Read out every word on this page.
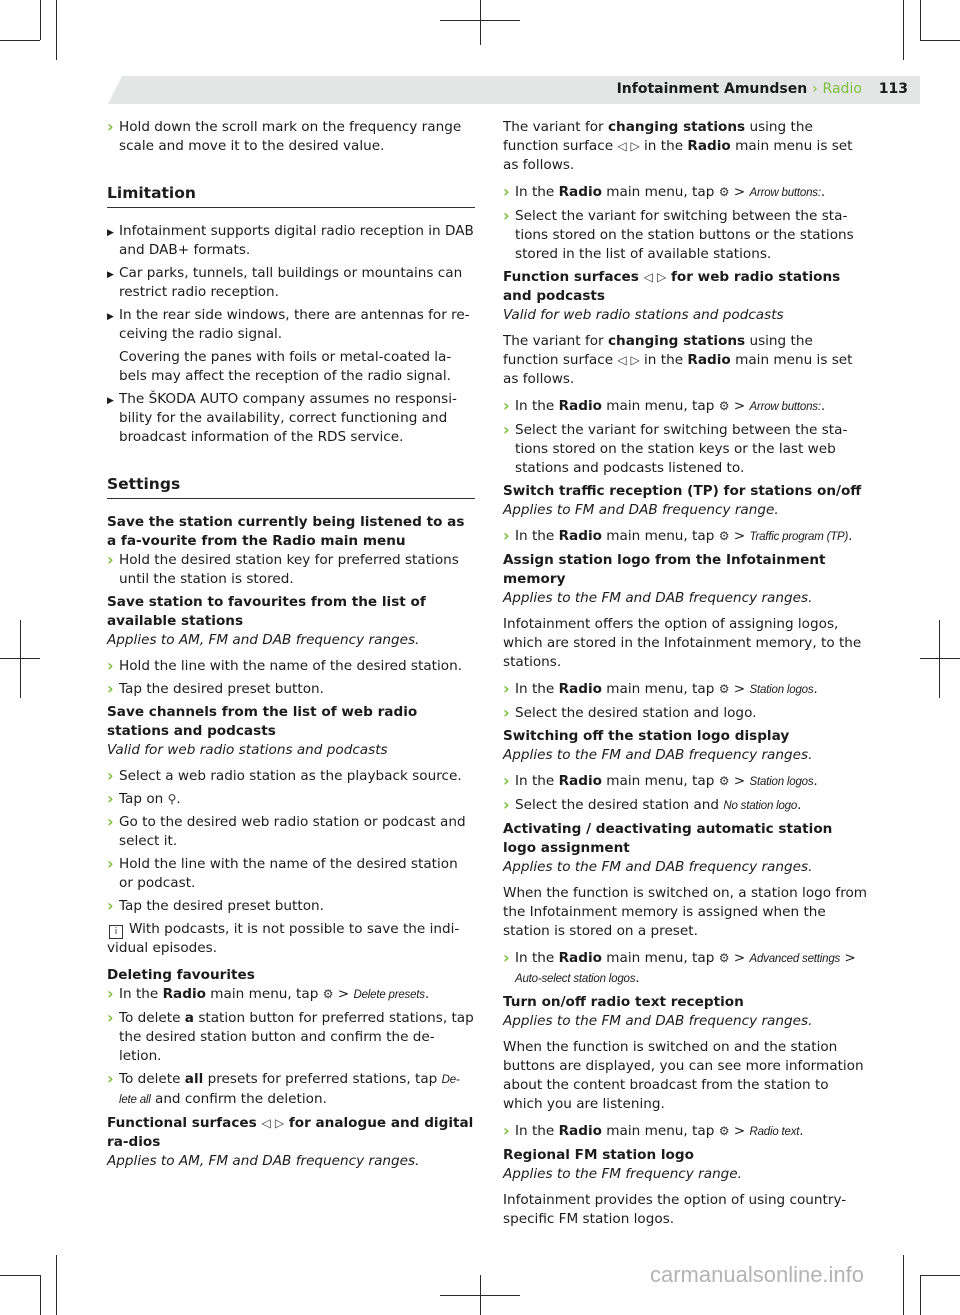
Infotainment Amundsen › Radio 113

› Hold down the scroll mark on the frequency range scale and move it to the desired value.

Limitation

▶ Infotainment supports digital radio reception in DAB and DAB+ formats.

▶ Car parks, tunnels, tall buildings or mountains can restrict radio reception.

▶ In the rear side windows, there are antennas for re-ceiving the radio signal.

Covering the panes with foils or metal-coated la-bels may affect the reception of the radio signal.

▶ The ŠKODA AUTO company assumes no responsi-bility for the availability, correct functioning and broadcast information of the RDS service.

Settings

Save the station currently being listened to as a fa-vourite from the Radio main menu

› Hold the desired station key for preferred stations until the station is stored.

Save station to favourites from the list of available stations

Applies to AM, FM and DAB frequency ranges.

› Hold the line with the name of the desired station.

› Tap the desired preset button.

Save channels from the list of web radio stations and podcasts

Valid for web radio stations and podcasts

› Select a web radio station as the playback source.

› Tap on ⚲.

› Go to the desired web radio station or podcast and select it.

› Hold the line with the name of the desired station or podcast.

› Tap the desired preset button.

i With podcasts, it is not possible to save the indi-vidual episodes.

Deleting favourites

› In the Radio main menu, tap ⚙ > Delete presets.

› To delete a station button for preferred stations, tap the desired station button and confirm the de-letion.

› To delete all presets for preferred stations, tap De-lete all and confirm the deletion.

Functional surfaces ◁ ▷ for analogue and digital ra-dios

Applies to AM, FM and DAB frequency ranges.

The variant for changing stations using the function surface ◁ ▷ in the Radio main menu is set as follows.

› In the Radio main menu, tap ⚙ > Arrow buttons:.

› Select the variant for switching between the sta-tions stored on the station buttons or the stations stored in the list of available stations.

Function surfaces ◁ ▷ for web radio stations and podcasts

Valid for web radio stations and podcasts

The variant for changing stations using the function surface ◁ ▷ in the Radio main menu is set as follows.

› In the Radio main menu, tap ⚙ > Arrow buttons:.

› Select the variant for switching between the sta-tions stored on the station keys or the last web stations and podcasts listened to.

Switch traffic reception (TP) for stations on/off

Applies to FM and DAB frequency range.

› In the Radio main menu, tap ⚙ > Traffic program (TP).

Assign station logo from the Infotainment memory

Applies to the FM and DAB frequency ranges.

Infotainment offers the option of assigning logos, which are stored in the Infotainment memory, to the stations.

› In the Radio main menu, tap ⚙ > Station logos.

› Select the desired station and logo.

Switching off the station logo display

Applies to the FM and DAB frequency ranges.

› In the Radio main menu, tap ⚙ > Station logos.

› Select the desired station and No station logo.

Activating / deactivating automatic station logo assignment

Applies to the FM and DAB frequency ranges.

When the function is switched on, a station logo from the Infotainment memory is assigned when the station is stored on a preset.

› In the Radio main menu, tap ⚙ > Advanced settings > Auto-select station logos.

Turn on/off radio text reception

Applies to the FM and DAB frequency ranges.

When the function is switched on and the station buttons are displayed, you can see more information about the content broadcast from the station to which you are listening.

› In the Radio main menu, tap ⚙ > Radio text.

Regional FM station logo

Applies to the FM frequency range.

Infotainment provides the option of using country-specific FM station logos.

carmanualsonline.info
